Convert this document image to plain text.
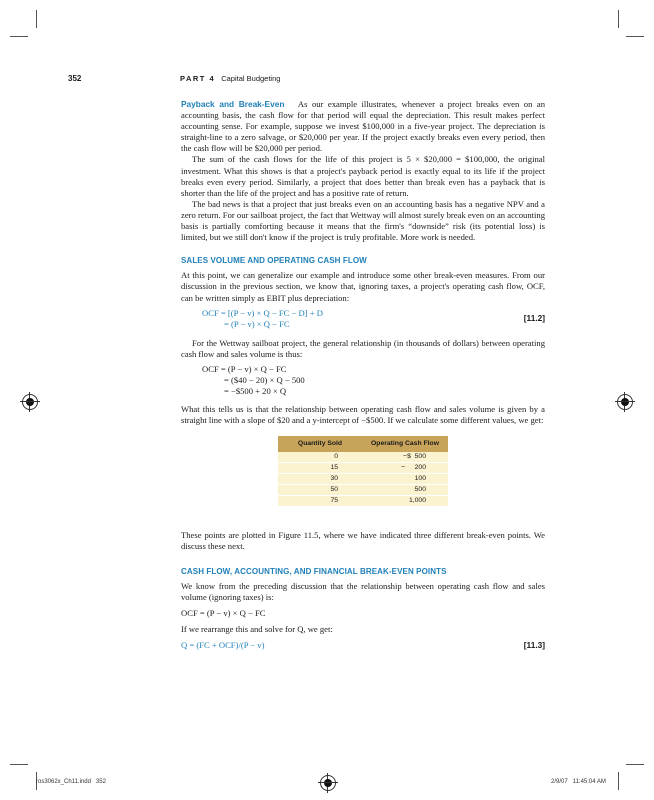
352	PART 4 Capital Budgeting

Payback and Break-Even As our example illustrates, whenever a project breaks even on an accounting basis, the cash flow for that period will equal the depreciation. This result makes perfect accounting sense. For example, suppose we invest $100,000 in a five-year project. The depreciation is straight-line to a zero salvage, or $20,000 per year. If the project exactly breaks even every period, then the cash flow will be $20,000 per period.

The sum of the cash flows for the life of this project is 5 × $20,000 = $100,000, the original investment. What this shows is that a project's payback period is exactly equal to its life if the project breaks even every period. Similarly, a project that does better than break even has a payback that is shorter than the life of the project and has a positive rate of return.

The bad news is that a project that just breaks even on an accounting basis has a negative NPV and a zero return. For our sailboat project, the fact that Wettway will almost surely break even on an accounting basis is partially comforting because it means that the firm's “downside” risk (its potential loss) is limited, but we still don't know if the project is truly profitable. More work is needed.

SALES VOLUME AND OPERATING CASH FLOW

At this point, we can generalize our example and introduce some other break-even measures. From our discussion in the previous section, we know that, ignoring taxes, a project's operating cash flow, OCF, can be written simply as EBIT plus depreciation:

OCF = [(P − v) × Q − FC − D] + D
= (P − v) × Q − FC
[11.2]

For the Wettway sailboat project, the general relationship (in thousands of dollars) between operating cash flow and sales volume is thus:

OCF = (P − v) × Q − FC
= ($40 − 20) × Q − 500
= −$500 + 20 × Q

What this tells us is that the relationship between operating cash flow and sales volume is given by a straight line with a slope of $20 and a y-intercept of −$500. If we calculate some different values, we get:

Quantity Sold	Operating Cash Flow
0	−$  500
15	−     200
30	100
50	500
75	1,000

These points are plotted in Figure 11.5, where we have indicated three different break-even points. We discuss these next.

CASH FLOW, ACCOUNTING, AND FINANCIAL BREAK-EVEN POINTS

We know from the preceding discussion that the relationship between operating cash flow and sales volume (ignoring taxes) is:

OCF = (P − v) × Q − FC

If we rearrange this and solve for Q, we get:

Q = (FC + OCF)/(P − v)	[11.3]
ros3062x_Ch11.indd   352	2/9/07   11:45:04 AM
